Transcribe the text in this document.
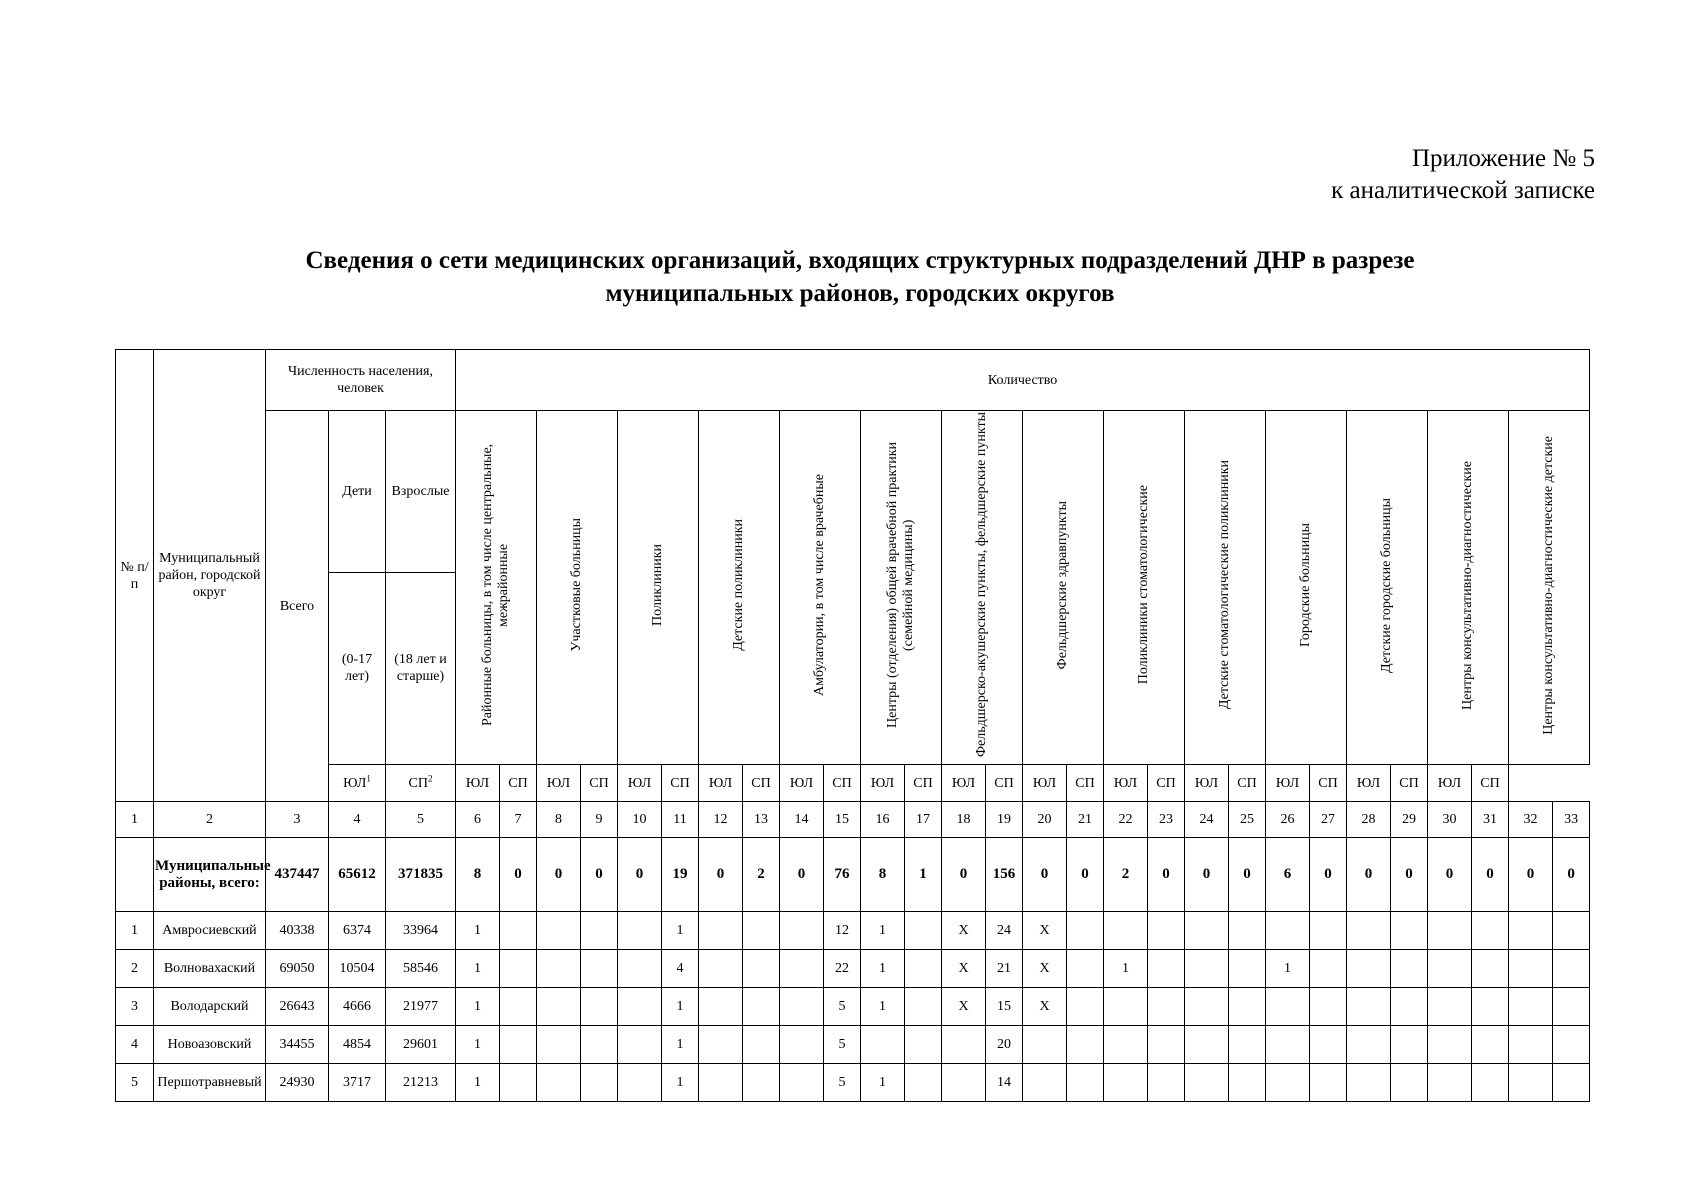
Приложение № 5
к аналитической записке
Сведения о сети медицинских организаций, входящих структурных подразделений ДНР в разрезе
муниципальных районов, городских округов
№ п/п	Муниципальный район, городской округ	Численность населения, человек			Количество																											
		Всего	Дети	Взрослые	Районные больницы, в том числе центральные, межрайонные		Участковые больницы		Поликлиники		Детские поликлиники		Амбулатории, в том числе врачебные		Центры (отделения) общей врачебной практики (семейной медицины)		Фельдшерско-акушерские пункты, фельдшерские пункты		Фельдшерские здравпункты		Поликлиники стоматологические		Детские стоматологические поликлиники		Городские больницы		Детские городские больницы		Центры консультативно-диагностические		Центры консультативно-диагностические детские	
			(0-17 лет)	(18 лет и старше)																												
			$ЮЛ^1$	$СП^2$	ЮЛ	СП	ЮЛ	СП	ЮЛ	СП	ЮЛ	СП	ЮЛ	СП	ЮЛ	СП	ЮЛ	СП	ЮЛ	СП	ЮЛ	СП	ЮЛ	СП	ЮЛ	СП	ЮЛ	СП	ЮЛ	СП		
1	2	3	4	5	6	7	8	9	10	11	12	13	14	15	16	17	18	19	20	21	22	23	24	25	26	27	28	29	30	31	32	33
	Муниципальные районы, всего:	437447	65612	371835	8	0	0	0	0	19	0	2	0	76	8	1	0	156	0	0	2	0	0	0	6	0	0	0	0	0	0	0
1	Амвросиевский	40338	6374	33964	1					1				12	1		Х	24	Х													
2	Волновахаский	69050	10504	58546	1					4				22	1		Х	21	Х		1				1							
3	Володарский	26643	4666	21977	1					1				5	1		Х	15	Х													
4	Новоазовский	34455	4854	29601	1					1				5				20														
5	Першотравневый	24930	3717	21213	1					1				5	1			14														
